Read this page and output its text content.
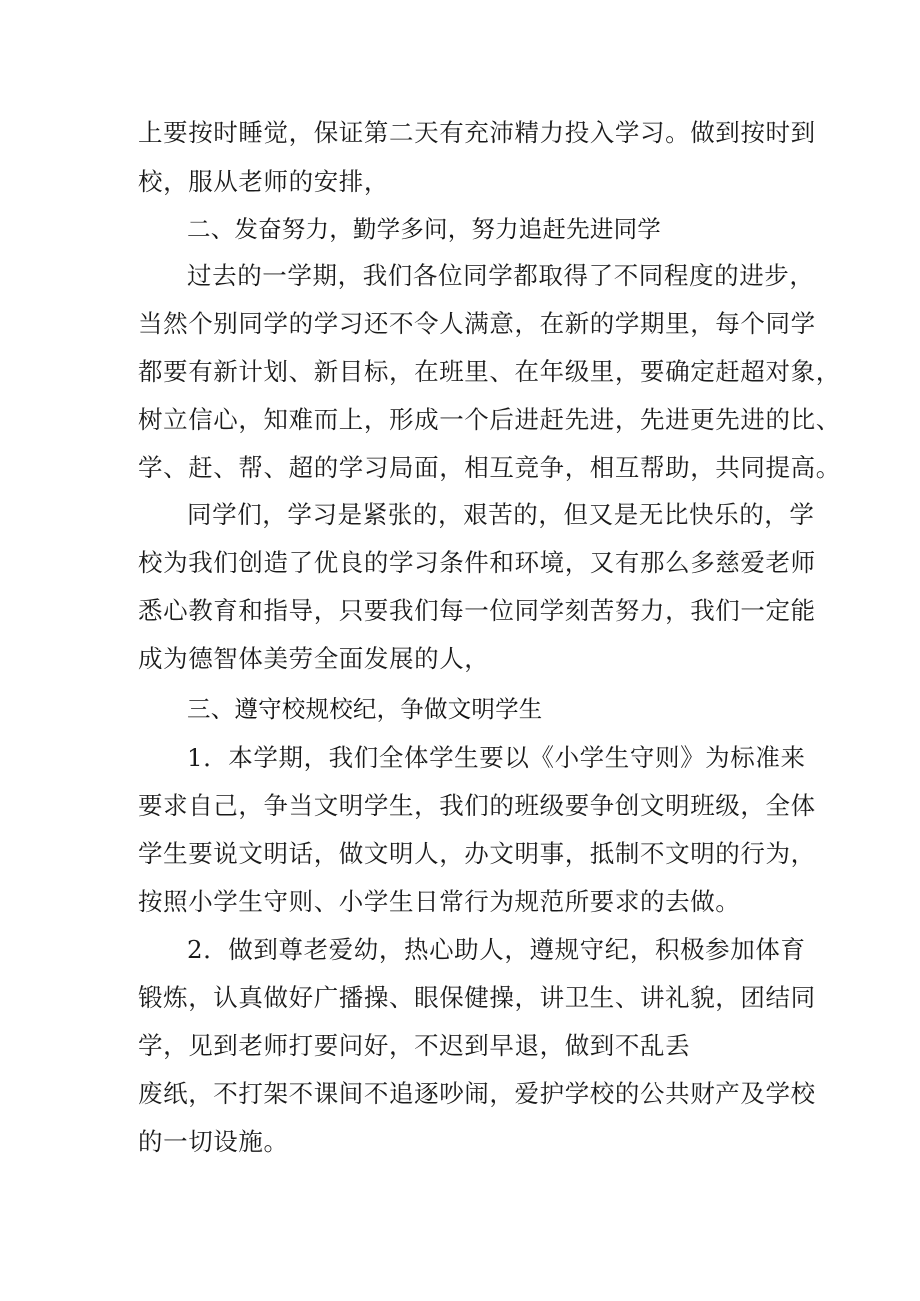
上要按时睡觉，保证第二天有充沛精力投入学习。做到按时到
校，服从老师的安排，
二、发奋努力，勤学多问，努力追赶先进同学
过去的一学期，我们各位同学都取得了不同程度的进步，
当然个别同学的学习还不令人满意，在新的学期里，每个同学
都要有新计划、新目标，在班里、在年级里，要确定赶超对象，
树立信心，知难而上，形成一个后进赶先进，先进更先进的比、
学、赶、帮、超的学习局面，相互竞争，相互帮助，共同提高。
同学们，学习是紧张的，艰苦的，但又是无比快乐的，学
校为我们创造了优良的学习条件和环境，又有那么多慈爱老师
悉心教育和指导，只要我们每一位同学刻苦努力，我们一定能
成为德智体美劳全面发展的人，
三、遵守校规校纪，争做文明学生
1．本学期，我们全体学生要以《小学生守则》为标准来
要求自己，争当文明学生，我们的班级要争创文明班级，全体
学生要说文明话，做文明人，办文明事，抵制不文明的行为，
按照小学生守则、小学生日常行为规范所要求的去做。
2．做到尊老爱幼，热心助人，遵规守纪，积极参加体育
锻炼，认真做好广播操、眼保健操，讲卫生、讲礼貌，团结同
学，见到老师打要问好，不迟到早退，做到不乱丢
废纸，不打架不课间不追逐吵闹，爱护学校的公共财产及学校
的一切设施。
